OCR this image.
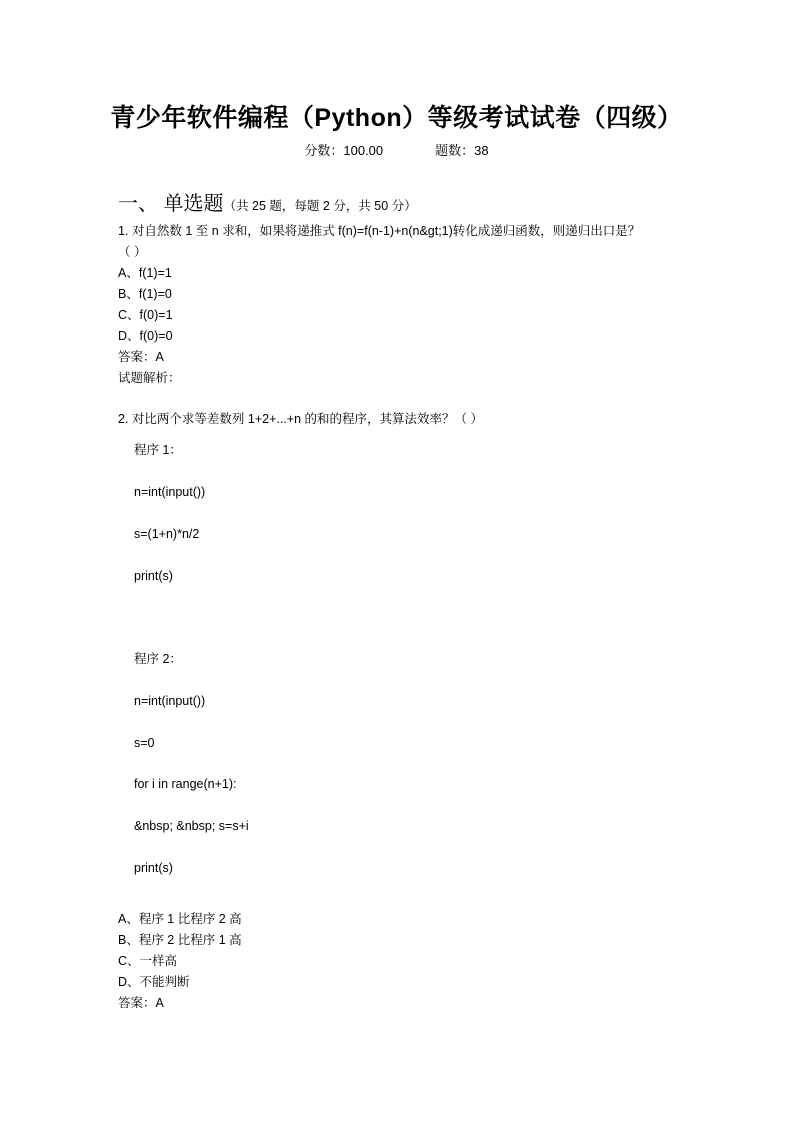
青少年软件编程（Python）等级考试试卷（四级）
分数：100.00	题数：38
一、 单选题（共 25 题，每题 2 分，共 50 分）
1. 对自然数 1 至 n 求和，如果将递推式 f(n)=f(n-1)+n(n&gt;1)转化成递归函数，则递归出口是？
（ ）
A、f(1)=1
B、f(1)=0
C、f(0)=1
D、f(0)=0
答案：A
试题解析：
2. 对比两个求等差数列 1+2+...+n 的和的程序，其算法效率？（ ）
程序 1：
n=int(input())
s=(1+n)*n/2
print(s)
程序 2：
n=int(input())
s=0
for i in range(n+1):
&nbsp; &nbsp; s=s+i
print(s)
A、程序 1 比程序 2 高
B、程序 2 比程序 1 高
C、一样高
D、不能判断
答案：A
